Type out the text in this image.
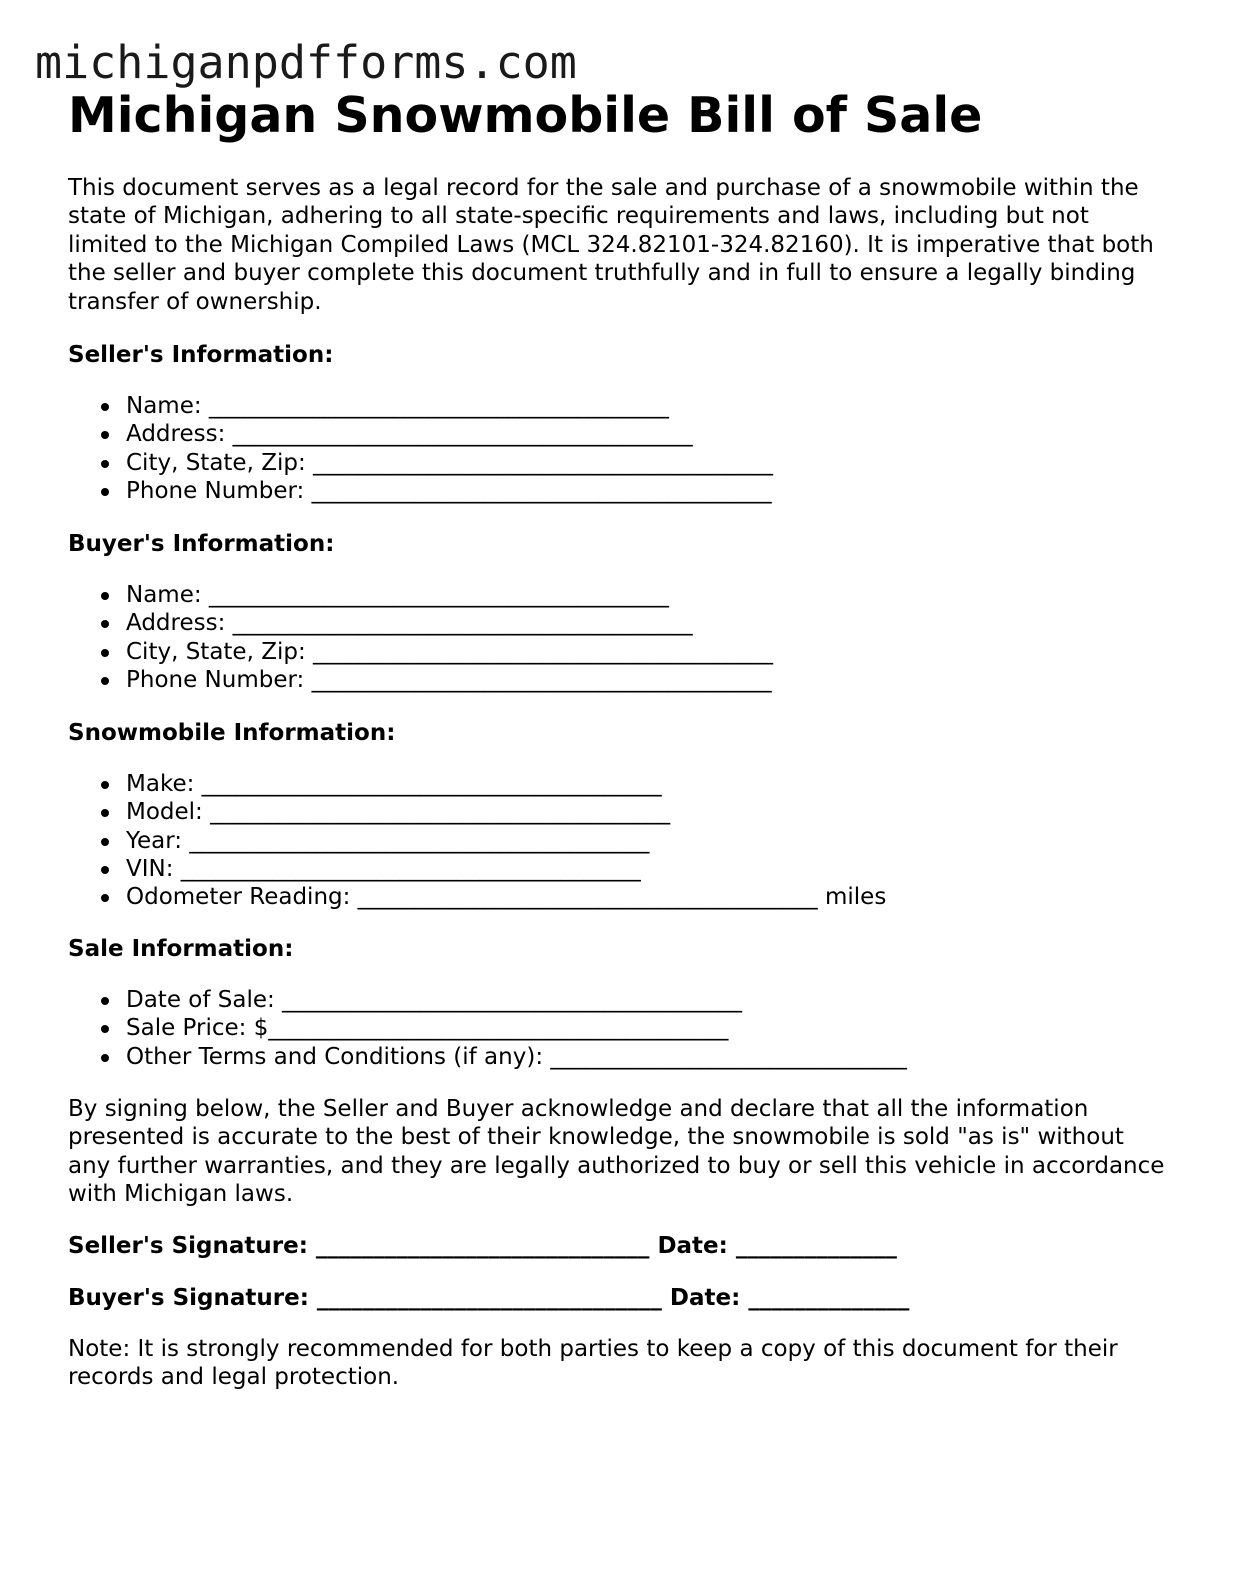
michiganpdfforms.com
Michigan Snowmobile Bill of Sale

This document serves as a legal record for the sale and purchase of a snowmobile within the state of Michigan, adhering to all state-specific requirements and laws, including but not limited to the Michigan Compiled Laws (MCL 324.82101-324.82160). It is imperative that both the seller and buyer complete this document truthfully and in full to ensure a legally binding transfer of ownership.

Seller's Information:
Name: ________________________________________
Address: ________________________________________
City, State, Zip: ________________________________________
Phone Number: ________________________________________
Buyer's Information:
Name: ________________________________________
Address: ________________________________________
City, State, Zip: ________________________________________
Phone Number: ________________________________________
Snowmobile Information:
Make: ________________________________________
Model: ________________________________________
Year: ________________________________________
VIN: ________________________________________
Odometer Reading: ________________________________________ miles
Sale Information:
Date of Sale: ________________________________________
Sale Price: $________________________________________
Other Terms and Conditions (if any): _______________________________

By signing below, the Seller and Buyer acknowledge and declare that all the information presented is accurate to the best of their knowledge, the snowmobile is sold "as is" without any further warranties, and they are legally authorized to buy or sell this vehicle in accordance with Michigan laws.

Seller's Signature: _____________________________ Date: ______________

Buyer's Signature: ______________________________ Date: ______________

Note: It is strongly recommended for both parties to keep a copy of this document for their records and legal protection.
